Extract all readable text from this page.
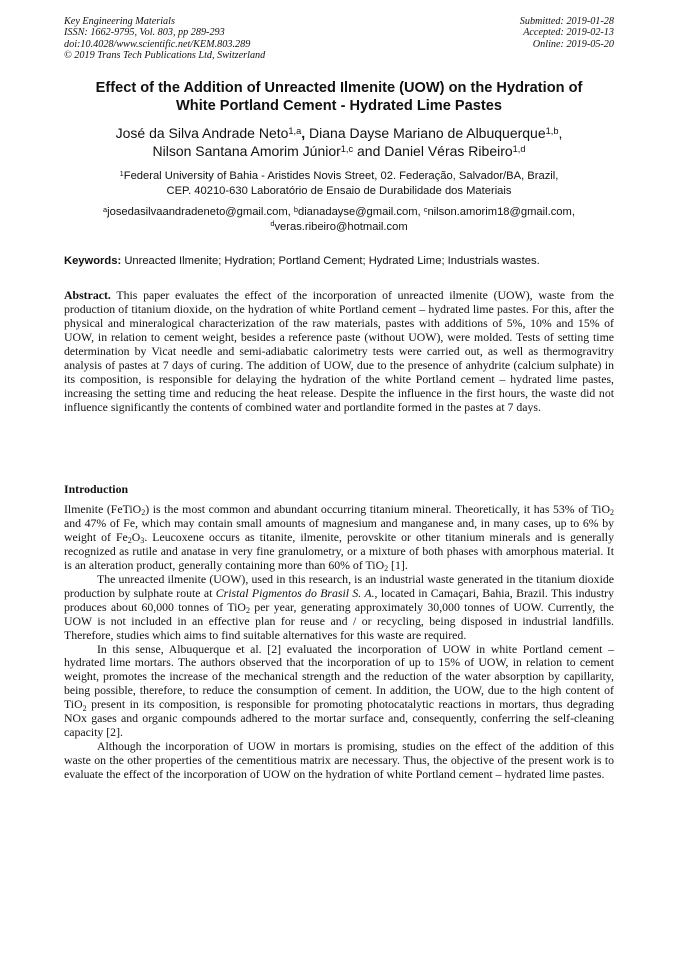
Key Engineering Materials
ISSN: 1662-9795, Vol. 803, pp 289-293
doi:10.4028/www.scientific.net/KEM.803.289
© 2019 Trans Tech Publications Ltd, Switzerland
Submitted: 2019-01-28
Accepted: 2019-02-13
Online: 2019-05-20
Effect of the Addition of Unreacted Ilmenite (UOW) on the Hydration of
White Portland Cement - Hydrated Lime Pastes
José da Silva Andrade Neto$^{1,a}$, Diana Dayse Mariano de Albuquerque$^{1,b}$,
Nilson Santana Amorim Júnior$^{1,c}$ and Daniel Véras Ribeiro$^{1,d}$
$^1$Federal University of Bahia - Aristides Novis Street, 02. Federação, Salvador/BA, Brazil,
CEP. 40210-630 Laboratório de Ensaio de Durabilidade dos Materiais
$^a$josedasilvaandradeneto@gmail.com, $^b$dianadayse@gmail.com, $^c$nilson.amorim18@gmail.com,
$^d$veras.ribeiro@hotmail.com
Keywords: Unreacted Ilmenite; Hydration; Portland Cement; Hydrated Lime; Industrials wastes.

Abstract. This paper evaluates the effect of the incorporation of unreacted ilmenite (UOW), waste from the production of titanium dioxide, on the hydration of white Portland cement – hydrated lime pastes. For this, after the physical and mineralogical characterization of the raw materials, pastes with additions of 5%, 10% and 15% of UOW, in relation to cement weight, besides a reference paste (without UOW), were molded. Tests of setting time determination by Vicat needle and semi-adiabatic calorimetry tests were carried out, as well as thermogravitry analysis of pastes at 7 days of curing. The addition of UOW, due to the presence of anhydrite (calcium sulphate) in its composition, is responsible for delaying the hydration of the white Portland cement – hydrated lime pastes, increasing the setting time and reducing the heat release. Despite the influence in the first hours, the waste did not influence significantly the contents of combined water and portlandite formed in the pastes at 7 days.

Introduction

Ilmenite (FeTiO$_2$) is the most common and abundant occurring titanium mineral. Theoretically, it has 53% of TiO$_2$ and 47% of Fe, which may contain small amounts of magnesium and manganese and, in many cases, up to 6% by weight of $Fe_2O_3$. Leucoxene occurs as titanite, ilmenite, perovskite or other titanium minerals and is generally recognized as rutile and anatase in very fine granulometry, or a mixture of both phases with amorphous material. It is an alteration product, generally containing more than 60% of TiO$_2$ [1].

The unreacted ilmenite (UOW), used in this research, is an industrial waste generated in the titanium dioxide production by sulphate route at Cristal Pigmentos do Brasil S. A., located in Camaçari, Bahia, Brazil. This industry produces about 60,000 tonnes of TiO$_2$ per year, generating approximately 30,000 tonnes of UOW. Currently, the UOW is not included in an effective plan for reuse and / or recycling, being disposed in industrial landfills. Therefore, studies which aims to find suitable alternatives for this waste are required.

In this sense, Albuquerque et al. [2] evaluated the incorporation of UOW in white Portland cement – hydrated lime mortars. The authors observed that the incorporation of up to 15% of UOW, in relation to cement weight, promotes the increase of the mechanical strength and the reduction of the water absorption by capillarity, being possible, therefore, to reduce the consumption of cement. In addition, the UOW, due to the high content of TiO$_2$ present in its composition, is responsible for promoting photocatalytic reactions in mortars, thus degrading NOx gases and organic compounds adhered to the mortar surface and, consequently, conferring the self-cleaning capacity [2].

Although the incorporation of UOW in mortars is promising, studies on the effect of the addition of this waste on the other properties of the cementitious matrix are necessary. Thus, the objective of the present work is to evaluate the effect of the incorporation of UOW on the hydration of white Portland cement – hydrated lime pastes.
